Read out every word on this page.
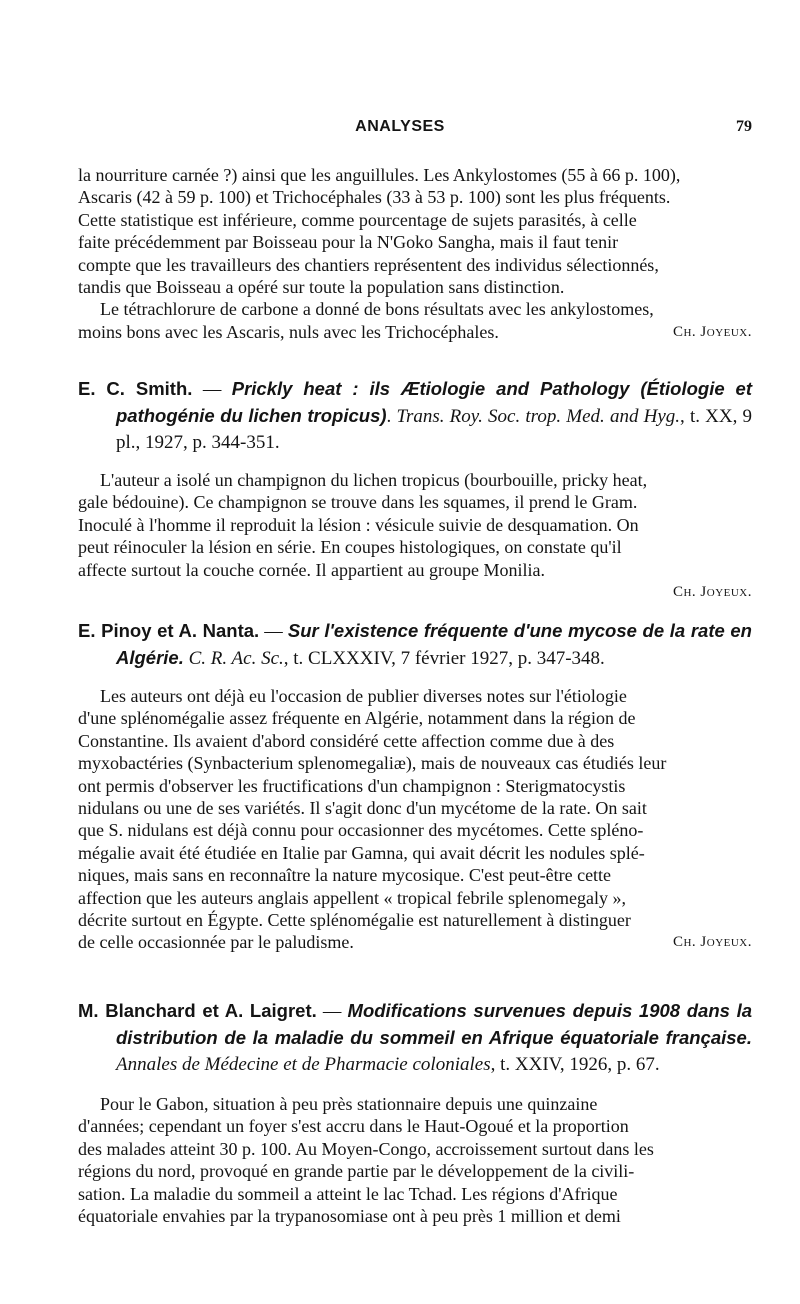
ANALYSES	79

la nourriture carnée ?) ainsi que les anguillules. Les Ankylostomes (55 à 66 p. 100),
Ascaris (42 à 59 p. 100) et Trichocéphales (33 à 53 p. 100) sont les plus fréquents.
Cette statistique est inférieure, comme pourcentage de sujets parasités, à celle
faite précédemment par Boisseau pour la N'Goko Sangha, mais il faut tenir
compte que les travailleurs des chantiers représentent des individus sélectionnés,
tandis que Boisseau a opéré sur toute la population sans distinction.

Le tétrachlorure de carbone a donné de bons résultats avec les ankylostomes,
moins bons avec les Ascaris, nuls avec les Trichocéphales.	Ch. Joyeux.

E. C. Smith. — Prickly heat : ils Ætiologie and Pathology (Étiologie et pathogénie du lichen tropicus). Trans. Roy. Soc. trop. Med. and Hyg., t. XX, 9 pl., 1927, p. 344-351.

L'auteur a isolé un champignon du lichen tropicus (bourbouille, pricky heat,
gale bédouine). Ce champignon se trouve dans les squames, il prend le Gram.
Inoculé à l'homme il reproduit la lésion : vésicule suivie de desquamation. On
peut réinoculer la lésion en série. En coupes histologiques, on constate qu'il
affecte surtout la couche cornée. Il appartient au groupe Monilia.

Ch. Joyeux.

E. Pinoy et A. Nanta. — Sur l'existence fréquente d'une mycose de la rate en Algérie. C. R. Ac. Sc., t. CLXXXIV, 7 février 1927, p. 347-348.

Les auteurs ont déjà eu l'occasion de publier diverses notes sur l'étiologie
d'une splénomégalie assez fréquente en Algérie, notamment dans la région de
Constantine. Ils avaient d'abord considéré cette affection comme due à des
myxobactéries (Synbacterium splenomegaliæ), mais de nouveaux cas étudiés leur
ont permis d'observer les fructifications d'un champignon : Sterigmatocystis
nidulans ou une de ses variétés. Il s'agit donc d'un mycétome de la rate. On sait
que S. nidulans est déjà connu pour occasionner des mycétomes. Cette spléno-
mégalie avait été étudiée en Italie par Gamna, qui avait décrit les nodules splé-
niques, mais sans en reconnaître la nature mycosique. C'est peut-être cette
affection que les auteurs anglais appellent « tropical febrile splenomegaly »,
décrite surtout en Égypte. Cette splénomégalie est naturellement à distinguer
de celle occasionnée par le paludisme.	Ch. Joyeux.

M. Blanchard et A. Laigret. — Modifications survenues depuis 1908 dans la distribution de la maladie du sommeil en Afrique équatoriale française. Annales de Médecine et de Pharmacie coloniales, t. XXIV, 1926, p. 67.

Pour le Gabon, situation à peu près stationnaire depuis une quinzaine
d'années; cependant un foyer s'est accru dans le Haut-Ogoué et la proportion
des malades atteint 30 p. 100. Au Moyen-Congo, accroissement surtout dans les
régions du nord, provoqué en grande partie par le développement de la civili-
sation. La maladie du sommeil a atteint le lac Tchad. Les régions d'Afrique
équatoriale envahies par la trypanosomiase ont à peu près 1 million et demi
